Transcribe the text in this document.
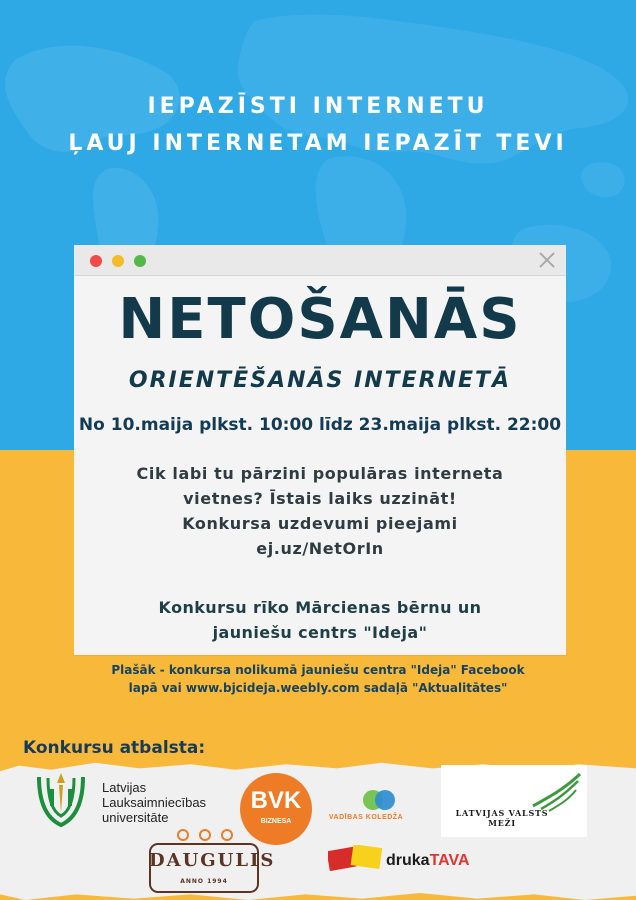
IEPAZĪSTI INTERNETU
ĻAUJ INTERNETAM IEPAZĪT TEVI
NETOŠANĀS
ORIENTĒŠANĀS INTERNETĀ
No 10.maija plkst. 10:00 līdz 23.maija plkst. 22:00
Cik labi tu pārzini populāras interneta
vietnes? Īstais laiks uzzināt!
Konkursa uzdevumi pieejami
ej.uz/NetOrIn
Konkursu rīko Mārcienas bērnu un
jauniešu centrs "Ideja"
Plašāk - konkursa nolikumā jauniešu centra "Ideja" Facebook
lapā vai www.bjcideja.weebly.com sadaļā "Aktualitātes"
Konkursu atbalsta:
Latvijas
Lauksaimniecības
universitāte
BVK
BIZNESA
VADĪBAS KOLEDŽA	LATVIJAS VALSTS MEŽI
DAUGULIS
ANNO 1994
drukaTAVA
